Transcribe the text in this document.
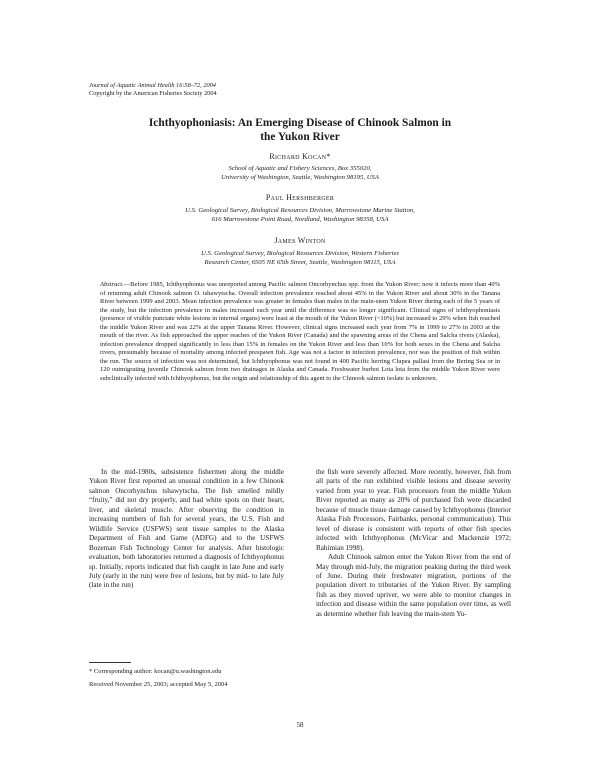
Journal of Aquatic Animal Health 16:58–72, 2004
Copyright by the American Fisheries Society 2004
Ichthyophoniasis: An Emerging Disease of Chinook Salmon in
the Yukon River
Richard Kocan*
School of Aquatic and Fishery Sciences, Box 355020,
University of Washington, Seattle, Washington 98195, USA
Paul Hershberger
U.S. Geological Survey, Biological Resources Division, Marrowstone Marine Station,
616 Marrowstone Point Road, Nordland, Washington 98358, USA
James Winton
U.S. Geological Survey, Biological Resources Division, Western Fisheries
Research Center, 6505 NE 65th Street, Seattle, Washington 98115, USA
Abstract.—Before 1985, Ichthyophonus was unreported among Pacific salmon Oncorhynchus spp. from the Yukon River; now it infects more than 40% of returning adult Chinook salmon O. tshawytscha. Overall infection prevalence reached about 45% in the Yukon River and about 30% in the Tanana River between 1999 and 2003. Mean infection prevalence was greater in females than males in the main-stem Yukon River during each of the 5 years of the study, but the infection prevalence in males increased each year until the difference was no longer significant. Clinical signs of ichthyophoniasis (presence of visible punctate white lesions in internal organs) were least at the mouth of the Yukon River (~10%) but increased to 29% when fish reached the middle Yukon River and was 22% at the upper Tanana River. However, clinical signs increased each year from 7% in 1999 to 27% in 2003 at the mouth of the river. As fish approached the upper reaches of the Yukon River (Canada) and the spawning areas of the Chena and Salcha rivers (Alaska), infection prevalence dropped significantly to less than 15% in females on the Yukon River and less than 10% for both sexes in the Chena and Salcha rivers, presumably because of mortality among infected prespawn fish. Age was not a factor in infection prevalence, nor was the position of fish within the run. The source of infection was not determined, but Ichthyophonus was not found in 400 Pacific herring Clupea pallasi from the Bering Sea or in 120 outmigrating juvenile Chinook salmon from two drainages in Alaska and Canada. Freshwater burbot Lota lota from the middle Yukon River were subclinically infected with Ichthyophonus, but the origin and relationship of this agent to the Chinook salmon isolate is unknown.

In the mid-1980s, subsistence fishermen along the middle Yukon River first reported an unusual condition in a few Chinook salmon Oncorhynchus tshawytscha. The fish smelled mildly “fruity,” did not dry properly, and had white spots on their heart, liver, and skeletal muscle. After observing the condition in increasing numbers of fish for several years, the U.S. Fish and Wildlife Service (USFWS) sent tissue samples to the Alaska Department of Fish and Game (ADFG) and to the USFWS Bozeman Fish Technology Center for analysis. After histologic evaluation, both laboratories returned a diagnosis of Ichthyophonus sp. Initially, reports indicated that fish caught in late June and early July (early in the run) were free of lesions, but by mid- to late July (late in the run)

the fish were severely affected. More recently, however, fish from all parts of the run exhibited visible lesions and disease severity varied from year to year. Fish processors from the middle Yukon River reported as many as 20% of purchased fish were discarded because of muscle tissue damage caused by Ichthyophonus (Interior Alaska Fish Processors, Fairbanks, personal communication). This level of disease is consistent with reports of other fish species infected with Ichthyophonus (McVicar and Mackenzie 1972; Rahimian 1998).

Adult Chinook salmon enter the Yukon River from the end of May through mid-July, the migration peaking during the third week of June. During their freshwater migration, portions of the population divert to tributaries of the Yukon River. By sampling fish as they moved upriver, we were able to monitor changes in infection and disease within the same population over time, as well as determine whether fish leaving the main-stem Yu-

* Corresponding author: kocan@u.washington.edu
Received November 25, 2003; accepted May 5, 2004
58
